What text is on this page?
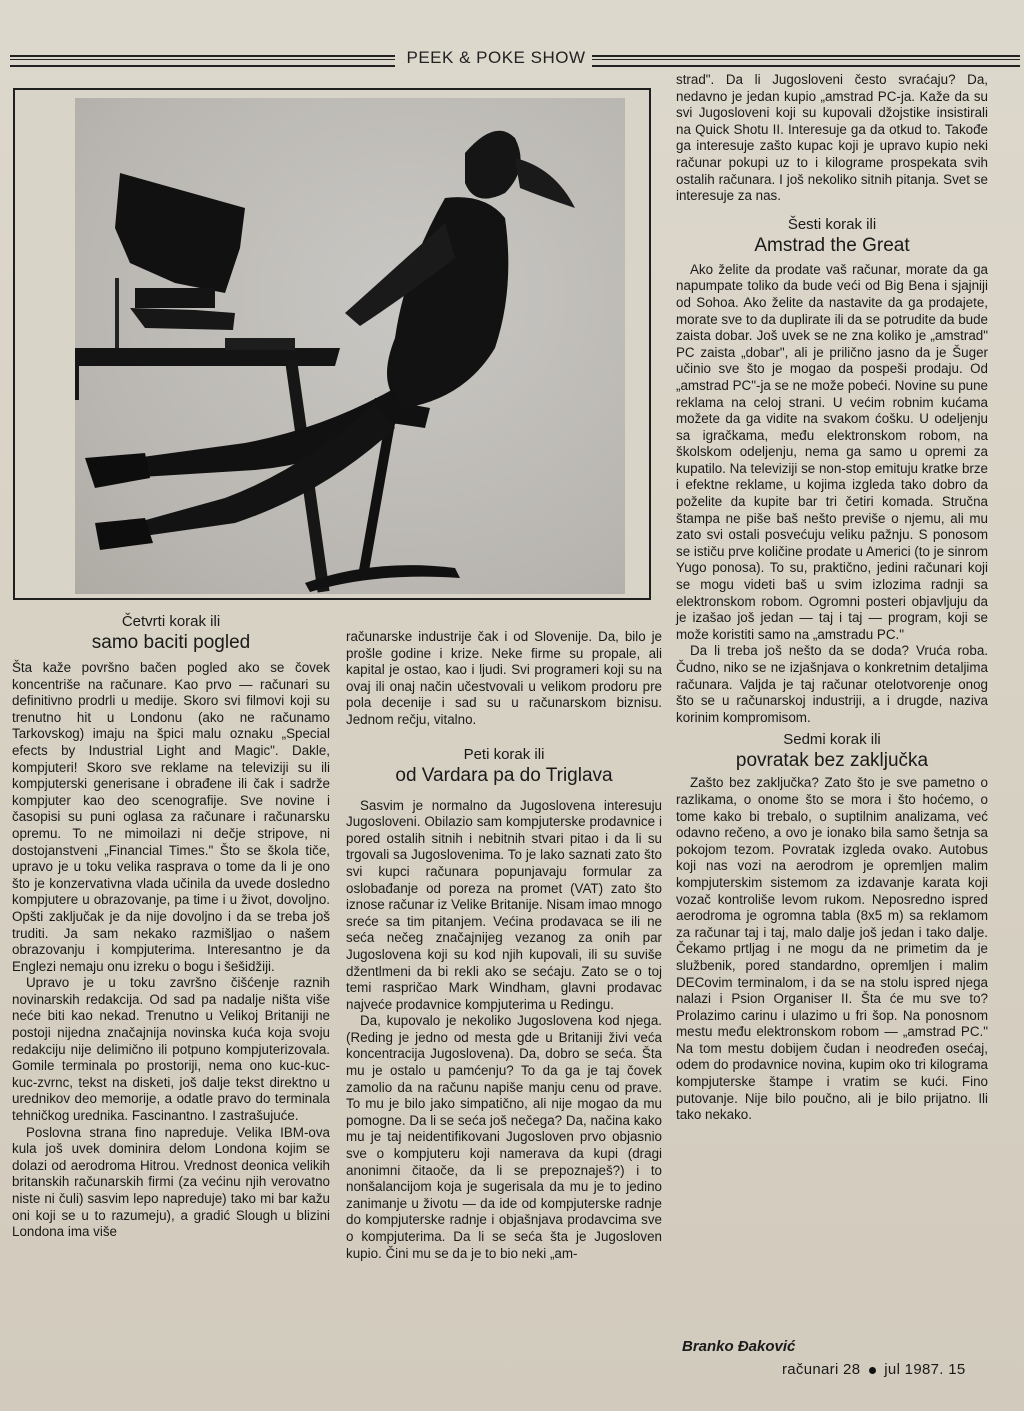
PEEK & POKE SHOW
Četvrti korak ili
samo baciti pogled

Šta kaže površno bačen pogled ako se čovek koncentriše na računare. Kao prvo — računari su definitivno prodrli u medije. Skoro svi filmovi koji su trenutno hit u Londonu (ako ne računamo Tarkovskog) imaju na špici malu oznaku „Special efects by Industrial Light and Magic". Dakle, kompjuteri! Skoro sve reklame na televiziji su ili kompjuterski generisane i obrađene ili čak i sadrže kompjuter kao deo scenografije. Sve novine i časopisi su puni oglasa za računare i računarsku opremu. To ne mimoilazi ni dečje stripove, ni dostojanstveni „Financial Times." Što se škola tiče, upravo je u toku velika rasprava o tome da li je ono što je konzervativna vlada učinila da uvede dosledno kompjutere u obrazovanje, pa time i u život, dovoljno. Opšti zaključak je da nije dovoljno i da se treba još truditi. Ja sam nekako razmišljao o našem obrazovanju i kompjuterima. Interesantno je da Englezi nemaju onu izreku o bogu i šešidžiji.

Upravo je u toku završno čišćenje raznih novinarskih redakcija. Od sad pa nadalje ništa više neće biti kao nekad. Trenutno u Velikoj Britaniji ne postoji nijedna značajnija novinska kuća koja svoju redakciju nije delimično ili potpuno kompjuterizovala. Gomile terminala po prostoriji, nema ono kuc-kuc-kuc-zvrnc, tekst na disketi, još dalje tekst direktno u urednikov deo memorije, a odatle pravo do terminala tehničkog urednika. Fascinantno. I zastrašujuće.

Poslovna strana fino napreduje. Velika IBM-ova kula još uvek dominira delom Londona kojim se dolazi od aerodroma Hitrou. Vrednost deonica velikih britanskih računarskih firmi (za većinu njih verovatno niste ni čuli) sasvim lepo napreduje) tako mi bar kažu oni koji se u to razumeju), a gradić Slough u blizini Londona ima više

računarske industrije čak i od Slovenije. Da, bilo je prošle godine i krize. Neke firme su propale, ali kapital je ostao, kao i ljudi. Svi programeri koji su na ovaj ili onaj način učestvovali u velikom prodoru pre pola decenije i sad su u računarskom biznisu. Jednom rečju, vitalno.

Peti korak ili
od Vardara pa do Triglava

Sasvim je normalno da Jugoslovena interesuju Jugosloveni. Obilazio sam kompjuterske prodavnice i pored ostalih sitnih i nebitnih stvari pitao i da li su trgovali sa Jugoslovenima. To je lako saznati zato što svi kupci računara popunjavaju formular za oslobađanje od poreza na promet (VAT) zato što iznose računar iz Velike Britanije. Nisam imao mnogo sreće sa tim pitanjem. Većina prodavaca se ili ne seća nečeg značajnijeg vezanog za onih par Jugoslovena koji su kod njih kupovali, ili su suviše džentlmeni da bi rekli ako se sećaju. Zato se o toj temi raspričao Mark Windham, glavni prodavac najveće prodavnice kompjuterima u Redingu.

Da, kupovalo je nekoliko Jugoslovena kod njega. (Reding je jedno od mesta gde u Britaniji živi veća koncentracija Jugoslovena). Da, dobro se seća. Šta mu je ostalo u pamćenju? To da ga je taj čovek zamolio da na računu napiše manju cenu od prave. To mu je bilo jako simpatično, ali nije mogao da mu pomogne. Da li se seća još nečega? Da, načina kako mu je taj neidentifikovani Jugosloven prvo objasnio sve o kompjuteru koji namerava da kupi (dragi anonimni čitaoče, da li se prepoznaješ?) i to nonšalancijom koja je sugerisala da mu je to jedino zanimanje u životu — da ide od kompjuterske radnje do kompjuterske radnje i objašnjava prodavcima sve o kompjuterima. Da li se seća šta je Jugosloven kupio. Čini mu se da je to bio neki „am-

strad". Da li Jugosloveni često svraćaju? Da, nedavno je jedan kupio „amstrad PC-ja. Kaže da su svi Jugosloveni koji su kupovali džojstike insistirali na Quick Shotu II. Interesuje ga da otkud to. Takođe ga interesuje zašto kupac koji je upravo kupio neki računar pokupi uz to i kilograme prospekata svih ostalih računara. I još nekoliko sitnih pitanja. Svet se interesuje za nas.

Šesti korak ili
Amstrad the Great

Ako želite da prodate vaš računar, morate da ga napumpate toliko da bude veći od Big Bena i sjajniji od Sohoa. Ako želite da nastavite da ga prodajete, morate sve to da duplirate ili da se potrudite da bude zaista dobar. Još uvek se ne zna koliko je „amstrad" PC zaista „dobar", ali je prilično jasno da je Šuger učinio sve što je mogao da pospeši prodaju. Od „amstrad PC"-ja se ne može pobeći. Novine su pune reklama na celoj strani. U većim robnim kućama možete da ga vidite na svakom ćošku. U odeljenju sa igračkama, među elektronskom robom, na školskom odeljenju, nema ga samo u opremi za kupatilo. Na televiziji se non-stop emituju kratke brze i efektne reklame, u kojima izgleda tako dobro da poželite da kupite bar tri četiri komada. Stručna štampa ne piše baš nešto previše o njemu, ali mu zato svi ostali posvećuju veliku pažnju. S ponosom se ističu prve količine prodate u Americi (to je sinrom Yugo ponosa). To su, praktično, jedini računari koji se mogu videti baš u svim izlozima radnji sa elektronskom robom. Ogromni posteri objavljuju da je izašao još jedan — taj i taj — program, koji se može koristiti samo na „amstradu PC."

Da li treba još nešto da se doda? Vruća roba. Čudno, niko se ne izjašnjava o konkretnim detaljima računara. Valjda je taj računar otelotvorenje onog što se u računarskoj industriji, a i drugde, naziva korinim kompromisom.

Sedmi korak ili
povratak bez zaključka

Zašto bez zaključka? Zato što je sve pametno o razlikama, o onome što se mora i što hoćemo, o tome kako bi trebalo, o suptilnim analizama, već odavno rečeno, a ovo je ionako bila samo šetnja sa pokojom tezom. Povratak izgleda ovako. Autobus koji nas vozi na aerodrom je opremljen malim kompjuterskim sistemom za izdavanje karata koji vozač kontroliše levom rukom. Neposredno ispred aerodroma je ogromna tabla (8x5 m) sa reklamom za računar taj i taj, malo dalje još jedan i tako dalje. Čekamo prtljag i ne mogu da ne primetim da je službenik, pored standardno, opremljen i malim DECovim terminalom, i da se na stolu ispred njega nalazi i Psion Organiser II. Šta će mu sve to? Prolazimo carinu i ulazimo u fri šop. Na ponosnom mestu među elektronskom robom — „amstrad PC." Na tom mestu dobijem čudan i neodređen osećaj, odem do prodavnice novina, kupim oko tri kilograma kompjuterske štampe i vratim se kući. Fino putovanje. Nije bilo poučno, ali je bilo prijatno. Ili tako nekako.

Branko Đaković
računari 28 jul 1987. 15
